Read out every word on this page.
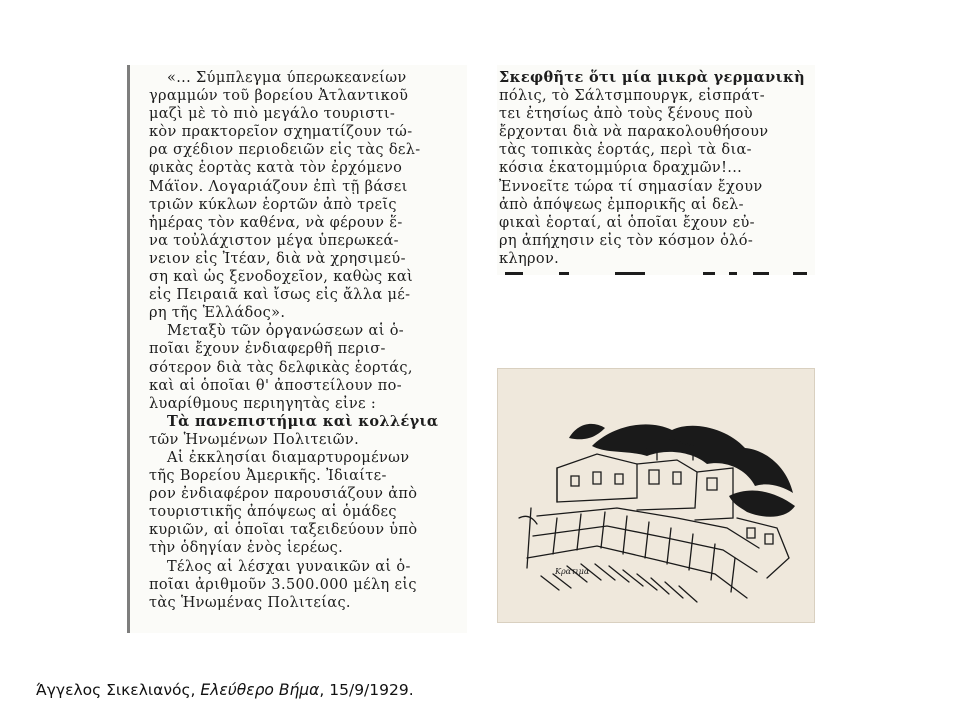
«... Σύμπλεγμα ύπερωκεανείων
γραμμών τοῦ βορείου Ἀτλαντικοῦ
μαζὶ μὲ τὸ πιὸ μεγάλο τουριστι-
κὸν πρακτορεῖον σχηματίζουν τώ-
ρα σχέδιον περιοδειῶν εἰς τὰς δελ-
φικὰς ἑορτὰς κατὰ τὸν ἐρχόμενο
Μάϊον. Λογαριάζουν ἐπὶ τῇ βάσει
τριῶν κύκλων ἑορτῶν ἀπὸ τρεῖς
ἡμέρας τὸν καθένα, νὰ φέρουν ἕ-
να τοὐλάχιστον μέγα ὑπερωκεά-
νειον εἰς Ἰτέαν, διὰ νὰ χρησιμεύ-
ση καὶ ὡς ξενοδοχεῖον, καθὼς καὶ
εἰς Πειραιᾶ καὶ ἴσως εἰς ἄλλα μέ-
ρη τῆς Ἑλλάδος».
Μεταξὺ τῶν ὀργανώσεων αἱ ὁ-
ποῖαι ἔχουν ἐνδιαφερθῆ περισ-
σότερον διὰ τὰς δελφικὰς ἑορτάς,
καὶ αἱ ὁποῖαι θ' ἀποστείλουν πο-
λυαρίθμους περιηγητὰς εἶνε :
Τὰ πανεπιστήμια καὶ κολλέγια
τῶν Ἡνωμένων Πολιτειῶν.
Αἱ ἐκκλησίαι διαμαρτυρομένων
τῆς Βορείου Ἀμερικῆς. Ἰδιαίτε-
ρον ἐνδιαφέρον παρουσιάζουν ἀπὸ
τουριστικῆς ἀπόψεως αἱ ὁμάδες
κυριῶν, αἱ ὁποῖαι ταξειδεύουν ὑπὸ
τὴν ὁδηγίαν ἑνὸς ἱερέως.
Τέλος αἱ λέσχαι γυναικῶν αἱ ὁ-
ποῖαι ἀριθμοῦν 3.500.000 μέλη εἰς
τὰς Ἡνωμένας Πολιτείας.
Σκεφθῆτε ὅτι μία μικρὰ γερμανικὴ
πόλις, τὸ Σάλτσμπουργκ, εἰσπράτ-
τει ἐτησίως ἀπὸ τοὺς ξένους ποὺ
ἔρχονται διὰ νὰ παρακολουθήσουν
τὰς τοπικὰς ἑορτάς, περὶ τὰ δια-
κόσια ἑκατομμύρια δραχμῶν!...
Ἐννοεῖτε τώρα τί σημασίαν ἔχουν
ἀπὸ ἀπόψεως ἐμπορικῆς αἱ δελ-
φικαὶ ἑορταί, αἱ ὁποῖαι ἔχουν εὐ-
ρη ἀπήχησιν εἰς τὸν κόσμον ὁλό-
κληρον.
Κρατιμα
Άγγελος Σικελιανός, Ελεύθερο Βήμα, 15/9/1929.
